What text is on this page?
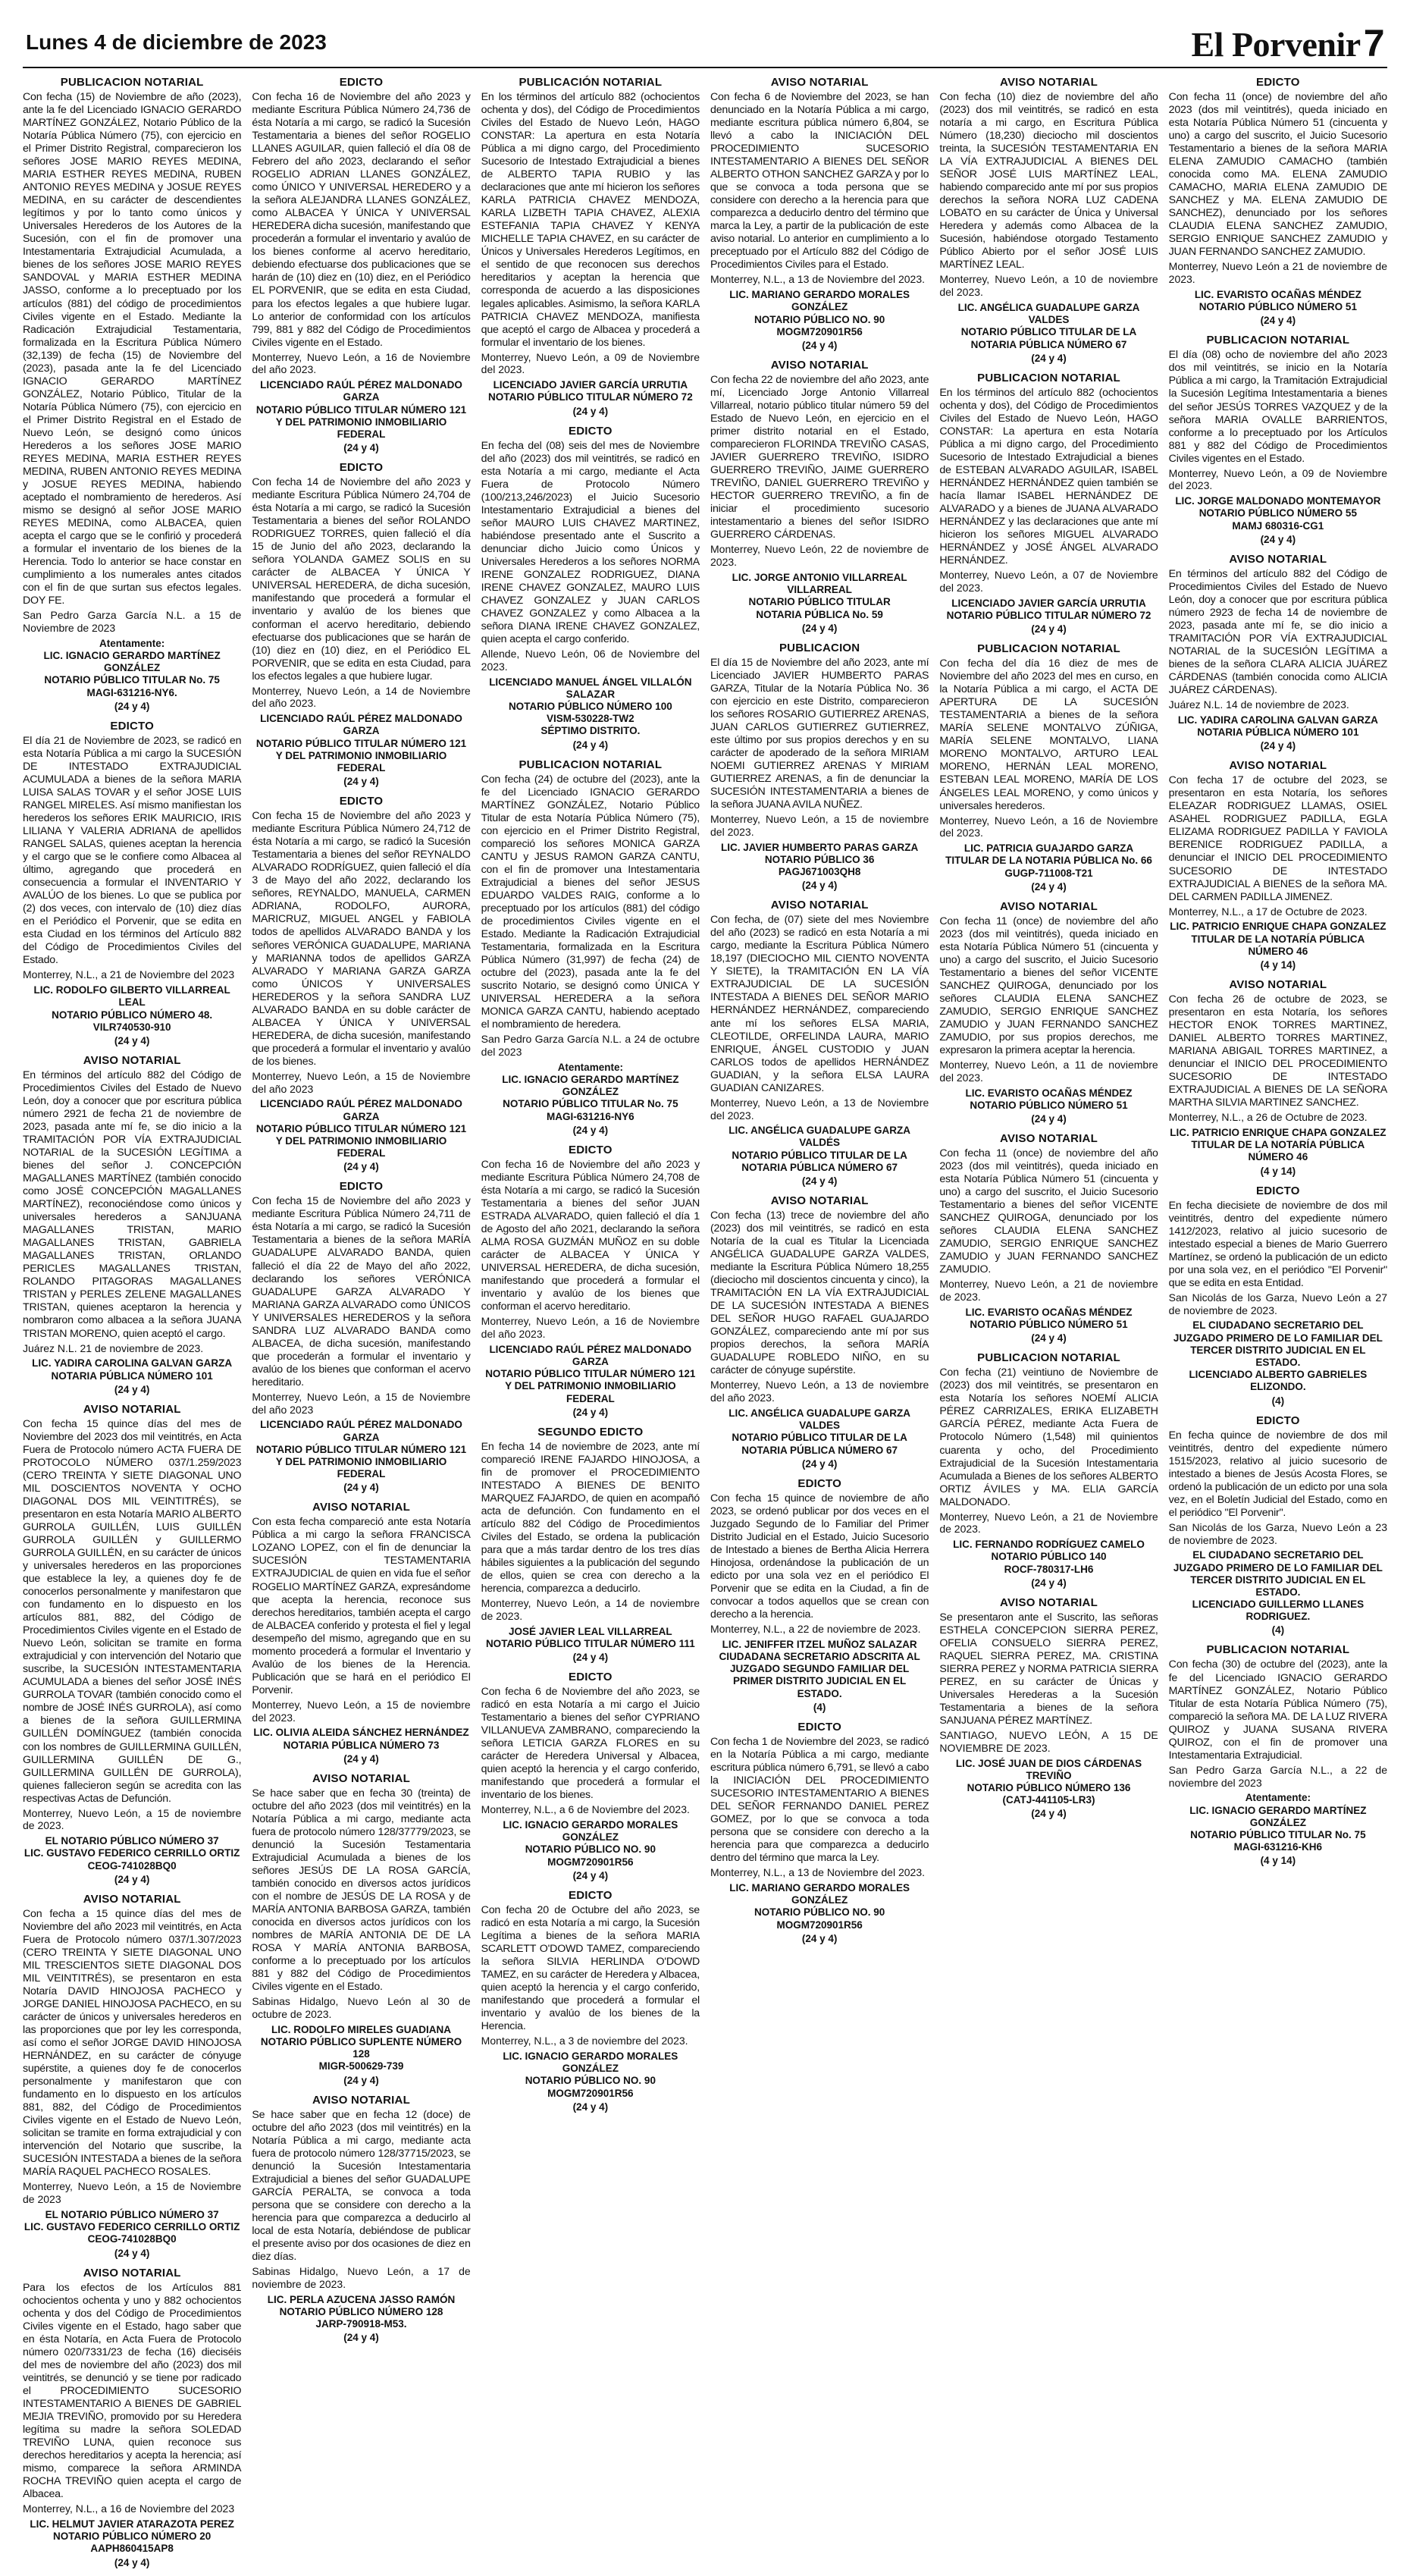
Lunes 4 de diciembre de 2023	El Porvenir7
PUBLICACION NOTARIAL

Con fecha (15) de Noviembre de año (2023), ante la fe del Licenciado IGNACIO GERARDO MARTÍNEZ GONZÁLEZ, Notario Público de la Notaría Pública Número (75), con ejercicio en el Primer Distrito Registral, comparecieron los señores JOSE MARIO REYES MEDINA, MARIA ESTHER REYES MEDINA, RUBEN ANTONIO REYES MEDINA y JOSUE REYES MEDINA, en su carácter de descendientes legítimos y por lo tanto como únicos y Universales Herederos de los Autores de la Sucesión, con el fin de promover una Intestamentaria Extrajudicial Acumulada, a bienes de los señores JOSE MARIO REYES SANDOVAL y MARIA ESTHER MEDINA JASSO, conforme a lo preceptuado por los artículos (881) del código de procedimientos Civiles vigente en el Estado. Mediante la Radicación Extrajudicial Testamentaria, formalizada en la Escritura Pública Número (32,139) de fecha (15) de Noviembre del (2023), pasada ante la fe del Licenciado IGNACIO GERARDO MARTÍNEZ GONZÁLEZ, Notario Público, Titular de la Notaría Pública Número (75), con ejercicio en el Primer Distrito Registral en el Estado de Nuevo León, se designó como únicos Herederos a los señores JOSE MARIO REYES MEDINA, MARIA ESTHER REYES MEDINA, RUBEN ANTONIO REYES MEDINA y JOSUE REYES MEDINA, habiendo aceptado el nombramiento de herederos. Así mismo se designó al señor JOSE MARIO REYES MEDINA, como ALBACEA, quien acepta el cargo que se le confirió y procederá a formular el inventario de los bienes de la Herencia. Todo lo anterior se hace constar en cumplimiento a los numerales antes citados con el fin de que surtan sus efectos legales. DOY FE.

San Pedro Garza García N.L. a 15 de Noviembre de 2023

Atentamente:
LIC. IGNACIO GERARDO MARTÍNEZ GONZÁLEZ
NOTARIO PÚBLICO TITULAR No. 75
MAGI-631216-NY6.
(24 y 4)
EDICTO

El día 21 de Noviembre de 2023, se radicó en esta Notaría Pública a mi cargo la SUCESIÓN DE INTESTADO EXTRAJUDICIAL ACUMULADA a bienes de la señora MARIA LUISA SALAS TOVAR y el señor JOSE LUIS RANGEL MIRELES. Así mismo manifiestan los herederos los señores ERIK MAURICIO, IRIS LILIANA Y VALERIA ADRIANA de apellidos RANGEL SALAS, quienes aceptan la herencia y el cargo que se le confiere como Albacea al último, agregando que procederá en consecuencia a formular el INVENTARIO Y AVALÚO de los bienes. Lo que se publica por (2) dos veces, con intervalo de (10) diez días en el Periódico el Porvenir, que se edita en esta Ciudad en los términos del Artículo 882 del Código de Procedimientos Civiles del Estado.

Monterrey, N.L., a 21 de Noviembre del 2023

LIC. RODOLFO GILBERTO VILLARREAL LEAL
NOTARIO PÚBLICO NÚMERO 48.
VILR740530-910
(24 y 4)
AVISO NOTARIAL

En términos del artículo 882 del Código de Procedimientos Civiles del Estado de Nuevo León, doy a conocer que por escritura pública número 2921 de fecha 21 de noviembre de 2023, pasada ante mí fe, se dio inicio a la TRAMITACIÓN POR VÍA EXTRAJUDICIAL NOTARIAL de la SUCESIÓN LEGÍTIMA a bienes del señor J. CONCEPCIÓN MAGALLANES MARTÍNEZ (también conocido como JOSÉ CONCEPCIÓN MAGALLANES MARTÍNEZ), reconociéndose como únicos y universales herederos a SANJUANA MAGALLANES TRISTAN, MARIO MAGALLANES TRISTAN, GABRIELA MAGALLANES TRISTAN, ORLANDO PERICLES MAGALLANES TRISTAN, ROLANDO PITAGORAS MAGALLANES TRISTAN y PERLES ZELENE MAGALLANES TRISTAN, quienes aceptaron la herencia y nombraron como albacea a la señora JUANA TRISTAN MORENO, quien aceptó el cargo.

Juárez N.L. 21 de noviembre de 2023.

LIC. YADIRA CAROLINA GALVAN GARZA
NOTARIA PÚBLICA NÚMERO 101
(24 y 4)
AVISO NOTARIAL

Con fecha 15 quince días del mes de Noviembre del 2023 dos mil veintitrés, en Acta Fuera de Protocolo número ACTA FUERA DE PROTOCOLO NÚMERO 037/1.259/2023 (CERO TREINTA Y SIETE DIAGONAL UNO MIL DOSCIENTOS NOVENTA Y OCHO DIAGONAL DOS MIL VEINTITRÉS), se presentaron en esta Notaría MARIO ALBERTO GURROLA GUILLÉN, LUIS GUILLÉN GURROLA GUILLÉN y GUILLERMO GURROLA GUILLÉN, en su carácter de únicos y universales herederos en las proporciones que establece la ley, a quienes doy fe de conocerlos personalmente y manifestaron que con fundamento en lo dispuesto en los artículos 881, 882, del Código de Procedimientos Civiles vigente en el Estado de Nuevo León, solicitan se tramite en forma extrajudicial y con intervención del Notario que suscribe, la SUCESIÓN INTESTAMENTARIA ACUMULADA a bienes del señor JOSÉ INÉS GURROLA TOVAR (también conocido como el nombre de JOSÉ INÉS GURROLA), así como a bienes de la señora GUILLERMINA GUILLÉN DOMÍNGUEZ (también conocida con los nombres de GUILLERMINA GUILLÉN, GUILLERMINA GUILLÉN DE G., GUILLERMINA GUILLÉN DE GURROLA), quienes fallecieron según se acredita con las respectivas Actas de Defunción.

Monterrey, Nuevo León, a 15 de noviembre de 2023.

EL NOTARIO PÚBLICO NÚMERO 37
LIC. GUSTAVO FEDERICO CERRILLO ORTIZ
CEOG-741028BQ0
(24 y 4)
AVISO NOTARIAL

Con fecha a 15 quince días del mes de Noviembre del año 2023 mil veintitrés, en Acta Fuera de Protocolo número 037/1.307/2023 (CERO TREINTA Y SIETE DIAGONAL UNO MIL TRESCIENTOS SIETE DIAGONAL DOS MIL VEINTITRÉS), se presentaron en esta Notaría DAVID HINOJOSA PACHECO y JORGE DANIEL HINOJOSA PACHECO, en su carácter de únicos y universales herederos en las proporciones que por ley les corresponda, así como el señor JORGE DAVID HINOJOSA HERNÁNDEZ, en su carácter de cónyuge supérstite, a quienes doy fe de conocerlos personalmente y manifestaron que con fundamento en lo dispuesto en los artículos 881, 882, del Código de Procedimientos Civiles vigente en el Estado de Nuevo León, solicitan se tramite en forma extrajudicial y con intervención del Notario que suscribe, la SUCESIÓN INTESTADA a bienes de la señora MARÍA RAQUEL PACHECO ROSALES.

Monterrey, Nuevo León, a 15 de Noviembre de 2023

EL NOTARIO PÚBLICO NÚMERO 37
LIC. GUSTAVO FEDERICO CERRILLO ORTIZ
CEOG-741028BQ0
(24 y 4)
AVISO NOTARIAL

Para los efectos de los Artículos 881 ochocientos ochenta y uno y 882 ochocientos ochenta y dos del Código de Procedimientos Civiles vigente en el Estado, hago saber que en ésta Notaría, en Acta Fuera de Protocolo número 020/7331/23 de fecha (16) dieciséis del mes de noviembre del año (2023) dos mil veintitrés, se denunció y se tiene por radicado el PROCEDIMIENTO SUCESORIO INTESTAMENTARIO A BIENES DE GABRIEL MEJIA TREVIÑO, promovido por su Heredera legítima su madre la señora SOLEDAD TREVIÑO LUNA, quien reconoce sus derechos hereditarios y acepta la herencia; así mismo, comparece la señora ARMINDA ROCHA TREVIÑO quien acepta el cargo de Albacea.

Monterrey, N.L., a 16 de Noviembre del 2023

LIC. HELMUT JAVIER ATARAZOTA PEREZ
NOTARIO PÚBLICO NÚMERO 20
AAPH860415AP8
(24 y 4)
EDICTO

Con fecha 16 de Noviembre del año 2023 y mediante Escritura Pública Número 24,736 de ésta Notaría a mi cargo, se radicó la Sucesión Testamentaria a bienes del señor ROGELIO LLANES AGUILAR, quien falleció el día 08 de Febrero del año 2023, declarando el señor ROGELIO ADRIAN LLANES GONZÁLEZ, como ÚNICO Y UNIVERSAL HEREDERO y a la señora ALEJANDRA LLANES GONZÁLEZ, como ALBACEA Y ÚNICA Y UNIVERSAL HEREDERA dicha sucesión, manifestando que procederán a formular el inventario y avalúo de los bienes conforme al acervo hereditario, debiendo efectuarse dos publicaciones que se harán de (10) diez en (10) diez, en el Periódico EL PORVENIR, que se edita en esta Ciudad, para los efectos legales a que hubiere lugar. Lo anterior de conformidad con los artículos 799, 881 y 882 del Código de Procedimientos Civiles vigente en el Estado.

Monterrey, Nuevo León, a 16 de Noviembre del año 2023.

LICENCIADO RAÚL PÉREZ MALDONADO GARZA
NOTARIO PÚBLICO TITULAR NÚMERO 121 Y DEL PATRIMONIO INMOBILIARIO FEDERAL
(24 y 4)
EDICTO

Con fecha 14 de Noviembre del año 2023 y mediante Escritura Pública Número 24,704 de ésta Notaría a mi cargo, se radicó la Sucesión Testamentaria a bienes del señor ROLANDO RODRIGUEZ TORRES, quien falleció el día 15 de Junio del año 2023, declarando la señora YOLANDA GAMEZ SOLIS en su carácter de ALBACEA Y ÚNICA Y UNIVERSAL HEREDERA, de dicha sucesión, manifestando que procederá a formular el inventario y avalúo de los bienes que conforman el acervo hereditario, debiendo efectuarse dos publicaciones que se harán de (10) diez en (10) diez, en el Periódico EL PORVENIR, que se edita en esta Ciudad, para los efectos legales a que hubiere lugar.

Monterrey, Nuevo León, a 14 de Noviembre del año 2023.

LICENCIADO RAÚL PÉREZ MALDONADO GARZA
NOTARIO PÚBLICO TITULAR NÚMERO 121 Y DEL PATRIMONIO INMOBILIARIO FEDERAL
(24 y 4)
EDICTO

Con fecha 15 de Noviembre del año 2023 y mediante Escritura Pública Número 24,712 de ésta Notaría a mi cargo, se radicó la Sucesión Testamentaria a bienes del señor REYNALDO ALVARADO RODRÍGUEZ, quien falleció el día 3 de Mayo del año 2022, declarando los señores, REYNALDO, MANUELA, CARMEN ADRIANA, RODOLFO, AURORA, MARICRUZ, MIGUEL ANGEL y FABIOLA todos de apellidos ALVARADO BANDA y los señores VERÓNICA GUADALUPE, MARIANA y MARIANNA todos de apellidos GARZA ALVARADO Y MARIANA GARZA GARZA como ÚNICOS Y UNIVERSALES HEREDEROS y la señora SANDRA LUZ ALVARADO BANDA en su doble carácter de ALBACEA Y ÚNICA Y UNIVERSAL HEREDERA, de dicha sucesión, manifestando que procederá a formular el inventario y avalúo de los bienes.

Monterrey, Nuevo León, a 15 de Noviembre del año 2023

LICENCIADO RAÚL PÉREZ MALDONADO GARZA
NOTARIO PÚBLICO TITULAR NÚMERO 121 Y DEL PATRIMONIO INMOBILIARIO FEDERAL
(24 y 4)
EDICTO

Con fecha 15 de Noviembre del año 2023 y mediante Escritura Pública Número 24,711 de ésta Notaría a mi cargo, se radicó la Sucesión Testamentaria a bienes de la señora MARÍA GUADALUPE ALVARADO BANDA, quien falleció el día 22 de Mayo del año 2022, declarando los señores VERÓNICA GUADALUPE GARZA ALVARADO Y MARIANA GARZA ALVARADO como ÚNICOS Y UNIVERSALES HEREDEROS y la señora SANDRA LUZ ALVARADO BANDA como ALBACEA, de dicha sucesión, manifestando que procederán a formular el inventario y avalúo de los bienes que conforman el acervo hereditario.

Monterrey, Nuevo León, a 15 de Noviembre del año 2023

LICENCIADO RAÚL PÉREZ MALDONADO GARZA
NOTARIO PÚBLICO TITULAR NÚMERO 121 Y DEL PATRIMONIO INMOBILIARIO FEDERAL
(24 y 4)
AVISO NOTARIAL

Con esta fecha compareció ante esta Notaría Pública a mi cargo la señora FRANCISCA LOZANO LOPEZ, con el fin de denunciar la SUCESIÓN TESTAMENTARIA EXTRAJUDICIAL de quien en vida fue el señor ROGELIO MARTÍNEZ GARZA, expresándome que acepta la herencia, reconoce sus derechos hereditarios, también acepta el cargo de ALBACEA conferido y protesta el fiel y legal desempeño del mismo, agregando que en su momento procederá a formular el Inventario y Avalúo de los bienes de la Herencia. Publicación que se hará en el periódico El Porvenir.

Monterrey, Nuevo León, a 15 de noviembre del 2023.

LIC. OLIVIA ALEIDA SÁNCHEZ HERNÁNDEZ
NOTARIA PÚBLICA NÚMERO 73
(24 y 4)
AVISO NOTARIAL

Se hace saber que en fecha 30 (treinta) de octubre del año 2023 (dos mil veintitrés) en la Notaría Pública a mi cargo, mediante acta fuera de protocolo número 128/37779/2023, se denunció la Sucesión Testamentaria Extrajudicial Acumulada a bienes de los señores JESÚS DE LA ROSA GARCÍA, también conocido en diversos actos jurídicos con el nombre de JESÚS DE LA ROSA y de MARÍA ANTONIA BARBOSA GARZA, también conocida en diversos actos jurídicos con los nombres de MARÍA ANTONIA DE DE LA ROSA Y MARÍA ANTONIA BARBOSA, conforme a lo preceptuado por los artículos 881 y 882 del Código de Procedimientos Civiles vigente en el Estado.

Sabinas Hidalgo, Nuevo León al 30 de octubre de 2023.

LIC. RODOLFO MIRELES GUADIANA
NOTARIO PÚBLICO SUPLENTE NÚMERO 128
MIGR-500629-739
(24 y 4)
AVISO NOTARIAL

Se hace saber que en fecha 12 (doce) de octubre del año 2023 (dos mil veintitrés) en la Notaría Pública a mi cargo, mediante acta fuera de protocolo número 128/37715/2023, se denunció la Sucesión Intestamentaria Extrajudicial a bienes del señor GUADALUPE GARCÍA PERALTA, se convoca a toda persona que se considere con derecho a la herencia para que comparezca a deducirlo al local de esta Notaría, debiéndose de publicar el presente aviso por dos ocasiones de diez en diez días.

Sabinas Hidalgo, Nuevo León, a 17 de noviembre de 2023.

LIC. PERLA AZUCENA JASSO RAMÓN
NOTARIO PÚBLICO NÚMERO 128
JARP-790918-M53.
(24 y 4)
PUBLICACIÓN NOTARIAL

En los términos del artículo 882 (ochocientos ochenta y dos), del Código de Procedimientos Civiles del Estado de Nuevo León, HAGO CONSTAR: La apertura en esta Notaría Pública a mi digno cargo, del Procedimiento Sucesorio de Intestado Extrajudicial a bienes de ALBERTO TAPIA RUBIO y las declaraciones que ante mí hicieron los señores KARLA PATRICIA CHAVEZ MENDOZA, KARLA LIZBETH TAPIA CHAVEZ, ALEXIA ESTEFANIA TAPIA CHAVEZ Y KENYA MICHELLE TAPIA CHAVEZ, en su carácter de Únicos y Universales Herederos Legítimos, en el sentido de que reconocen sus derechos hereditarios y aceptan la herencia que corresponda de acuerdo a las disposiciones legales aplicables. Asimismo, la señora KARLA PATRICIA CHAVEZ MENDOZA, manifiesta que aceptó el cargo de Albacea y procederá a formular el inventario de los bienes.

Monterrey, Nuevo León, a 09 de Noviembre del 2023.

LICENCIADO JAVIER GARCÍA URRUTIA
NOTARIO PÚBLICO TITULAR NÚMERO 72
(24 y 4)
EDICTO

En fecha del (08) seis del mes de Noviembre del año (2023) dos mil veintitrés, se radicó en esta Notaría a mi cargo, mediante el Acta Fuera de Protocolo Número (100/213,246/2023) el Juicio Sucesorio Intestamentario Extrajudicial a bienes del señor MAURO LUIS CHAVEZ MARTINEZ, habiéndose presentado ante el Suscrito a denunciar dicho Juicio como Únicos y Universales Herederos a los señores NORMA IRENE GONZALEZ RODRIGUEZ, DIANA IRENE CHAVEZ GONZALEZ, MAURO LUIS CHAVEZ GONZALEZ y JUAN CARLOS CHAVEZ GONZALEZ y como Albacea a la señora DIANA IRENE CHAVEZ GONZALEZ, quien acepta el cargo conferido.

Allende, Nuevo León, 06 de Noviembre del 2023.

LICENCIADO MANUEL ÁNGEL VILLALÓN SALAZAR
NOTARIO PÚBLICO NÚMERO 100
VISM-530228-TW2
SÉPTIMO DISTRITO.
(24 y 4)
PUBLICACION NOTARIAL

Con fecha (24) de octubre del (2023), ante la fe del Licenciado IGNACIO GERARDO MARTÍNEZ GONZÁLEZ, Notario Público Titular de esta Notaría Pública Número (75), con ejercicio en el Primer Distrito Registral, compareció los señores MONICA GARZA CANTU y JESUS RAMON GARZA CANTU, con el fin de promover una Intestamentaria Extrajudicial a bienes del señor JESUS EDUARDO VALDES RAIG, conforme a lo preceptuado por los artículos (881) del código de procedimientos Civiles vigente en el Estado. Mediante la Radicación Extrajudicial Testamentaria, formalizada en la Escritura Pública Número (31,997) de fecha (24) de octubre del (2023), pasada ante la fe del suscrito Notario, se designó como ÚNICA Y UNIVERSAL HEREDERA a la señora MONICA GARZA CANTU, habiendo aceptado el nombramiento de heredera.

San Pedro Garza García N.L. a 24 de octubre del 2023

Atentamente:
LIC. IGNACIO GERARDO MARTÍNEZ GONZÁLEZ
NOTARIO PÚBLICO TITULAR No. 75
MAGI-631216-NY6
(24 y 4)
EDICTO

Con fecha 16 de Noviembre del año 2023 y mediante Escritura Pública Número 24,708 de ésta Notaría a mi cargo, se radicó la Sucesión Testamentaria a bienes del señor JUAN ESTRADA ALVARADO, quien falleció el día 1 de Agosto del año 2021, declarando la señora ALMA ROSA GUZMÁN MUÑOZ en su doble carácter de ALBACEA Y ÚNICA Y UNIVERSAL HEREDERA, de dicha sucesión, manifestando que procederá a formular el inventario y avalúo de los bienes que conforman el acervo hereditario.

Monterrey, Nuevo León, a 16 de Noviembre del año 2023.

LICENCIADO RAÚL PÉREZ MALDONADO GARZA
NOTARIO PÚBLICO TITULAR NÚMERO 121 Y DEL PATRIMONIO INMOBILIARIO FEDERAL
(24 y 4)
SEGUNDO EDICTO

En fecha 14 de noviembre de 2023, ante mí compareció IRENE FAJARDO HINOJOSA, a fin de promover el PROCEDIMIENTO INTESTADO A BIENES DE BENITO MARQUEZ FAJARDO, de quien en acompañó acta de defunción. Con fundamento en el artículo 882 del Código de Procedimientos Civiles del Estado, se ordena la publicación para que a más tardar dentro de los tres días hábiles siguientes a la publicación del segundo de ellos, quien se crea con derecho a la herencia, comparezca a deducirlo.

Monterrey, Nuevo León, a 14 de noviembre de 2023.

JOSÉ JAVIER LEAL VILLARREAL
NOTARIO PÚBLICO TITULAR NÚMERO 111
(24 y 4)
EDICTO

Con fecha 6 de Noviembre del año 2023, se radicó en esta Notaría a mi cargo el Juicio Testamentario a bienes del señor CYPRIANO VILLANUEVA ZAMBRANO, compareciendo la señora LETICIA GARZA FLORES en su carácter de Heredera Universal y Albacea, quien aceptó la herencia y el cargo conferido, manifestando que procederá a formular el inventario de los bienes.

Monterrey, N.L., a 6 de Noviembre del 2023.

LIC. IGNACIO GERARDO MORALES GONZÁLEZ
NOTARIO PÚBLICO NO. 90
MOGM720901R56
(24 y 4)
EDICTO

Con fecha 20 de Octubre del año 2023, se radicó en esta Notaría a mi cargo, la Sucesión Legítima a bienes de la señora MARIA SCARLETT O'DOWD TAMEZ, compareciendo la señora SILVIA HERLINDA O'DOWD TAMEZ, en su carácter de Heredera y Albacea, quien aceptó la herencia y el cargo conferido, manifestando que procederá a formular el inventario y avalúo de los bienes de la Herencia.

Monterrey, N.L., a 3 de noviembre del 2023.

LIC. IGNACIO GERARDO MORALES GONZÁLEZ
NOTARIO PÚBLICO NO. 90
MOGM720901R56
(24 y 4)
AVISO NOTARIAL

Con fecha 6 de Noviembre del 2023, se han denunciado en la Notaría Pública a mi cargo, mediante escritura pública número 6,804, se llevó a cabo la INICIACIÓN DEL PROCEDIMIENTO SUCESORIO INTESTAMENTARIO A BIENES DEL SEÑOR ALBERTO OTHON SANCHEZ GARZA y por lo que se convoca a toda persona que se considere con derecho a la herencia para que comparezca a deducirlo dentro del término que marca la Ley, a partir de la publicación de este aviso notarial. Lo anterior en cumplimiento a lo preceptuado por el Artículo 882 del Código de Procedimientos Civiles para el Estado.

Monterrey, N.L., a 13 de Noviembre del 2023.

LIC. MARIANO GERARDO MORALES GONZÁLEZ
NOTARIO PÚBLICO NO. 90
MOGM720901R56
(24 y 4)
AVISO NOTARIAL

Con fecha 22 de noviembre del año 2023, ante mí, Licenciado Jorge Antonio Villarreal Villarreal, notario público titular número 59 del Estado de Nuevo León, en ejercicio en el primer distrito notarial en el Estado, comparecieron FLORINDA TREVIÑO CASAS, JAVIER GUERRERO TREVIÑO, ISIDRO GUERRERO TREVIÑO, JAIME GUERRERO TREVIÑO, DANIEL GUERRERO TREVIÑO y HECTOR GUERRERO TREVIÑO, a fin de iniciar el procedimiento sucesorio intestamentario a bienes del señor ISIDRO GUERRERO CÁRDENAS.

Monterrey, Nuevo León, 22 de noviembre de 2023.

LIC. JORGE ANTONIO VILLARREAL VILLARREAL
NOTARIO PÚBLICO TITULAR
NOTARIA PÚBLICA No. 59
(24 y 4)
PUBLICACION

El día 15 de Noviembre del año 2023, ante mí Licenciado JAVIER HUMBERTO PARAS GARZA, Titular de la Notaría Pública No. 36 con ejercicio en este Distrito, comparecieron los señores ROSARIO GUTIERREZ ARENAS, JUAN CARLOS GUTIERREZ GUTIERREZ, este último por sus propios derechos y en su carácter de apoderado de la señora MIRIAM NOEMI GUTIERREZ ARENAS Y MIRIAM GUTIERREZ ARENAS, a fin de denunciar la SUCESIÓN INTESTAMENTARIA a bienes de la señora JUANA AVILA NUÑEZ.

Monterrey, Nuevo León, a 15 de noviembre del 2023.

LIC. JAVIER HUMBERTO PARAS GARZA
NOTARIO PÚBLICO 36
PAGJ671003QH8
(24 y 4)
AVISO NOTARIAL

Con fecha, de (07) siete del mes Noviembre del año (2023) se radicó en esta Notaría a mi cargo, mediante la Escritura Pública Número 18,197 (DIECIOCHO MIL CIENTO NOVENTA Y SIETE), la TRAMITACIÓN EN LA VÍA EXTRAJUDICIAL DE LA SUCESIÓN INTESTADA A BIENES DEL SEÑOR MARIO HERNÁNDEZ HERNÁNDEZ, compareciendo ante mí los señores ELSA MARIA, CLEOTILDE, ORFELINDA LAURA, MARIO ENRIQUE, ÁNGEL CUSTODIO y JUAN CARLOS todos de apellidos HERNÁNDEZ GUADIAN, y la señora ELSA LAURA GUADIAN CANIZARES.

Monterrey, Nuevo León, a 13 de Noviembre del 2023.

LIC. ANGÉLICA GUADALUPE GARZA VALDÉS
NOTARIO PÚBLICO TITULAR DE LA NOTARIA PÚBLICA NÚMERO 67
(24 y 4)
AVISO NOTARIAL

Con fecha (13) trece de noviembre del año (2023) dos mil veintitrés, se radicó en esta Notaría de la cual es Titular la Licenciada ANGÉLICA GUADALUPE GARZA VALDES, mediante la Escritura Pública Número 18,255 (dieciocho mil doscientos cincuenta y cinco), la TRAMITACIÓN EN LA VÍA EXTRAJUDICIAL DE LA SUCESIÓN INTESTADA A BIENES DEL SEÑOR HUGO RAFAEL GUAJARDO GONZÁLEZ, compareciendo ante mí por sus propios derechos, la señora MARÍA GUADALUPE ROBLEDO NIÑO, en su carácter de cónyuge supérstite.

Monterrey, Nuevo León, a 13 de noviembre del año 2023.

LIC. ANGÉLICA GUADALUPE GARZA VALDES
NOTARIO PÚBLICO TITULAR DE LA NOTARIA PÚBLICA NÚMERO 67
(24 y 4)
EDICTO

Con fecha 15 quince de noviembre de año 2023, se ordenó publicar por dos veces en el Juzgado Segundo de lo Familiar del Primer Distrito Judicial en el Estado, Juicio Sucesorio de Intestado a bienes de Bertha Alicia Herrera Hinojosa, ordenándose la publicación de un edicto por una sola vez en el periódico El Porvenir que se edita en la Ciudad, a fin de convocar a todos aquellos que se crean con derecho a la herencia.

Monterrey, N.L., a 22 de noviembre de 2023.

LIC. JENIFFER ITZEL MUÑOZ SALAZAR
CIUDADANA SECRETARIO ADSCRITA AL JUZGADO SEGUNDO FAMILIAR DEL PRIMER DISTRITO JUDICIAL EN EL ESTADO.
(4)
EDICTO

Con fecha 1 de Noviembre del 2023, se radicó en la Notaría Pública a mi cargo, mediante escritura pública número 6,791, se llevó a cabo la INICIACIÓN DEL PROCEDIMIENTO SUCESORIO INTESTAMENTARIO A BIENES DEL SEÑOR FERNANDO DANIEL PEREZ GOMEZ, por lo que se convoca a toda persona que se considere con derecho a la herencia para que comparezca a deducirlo dentro del término que marca la Ley.

Monterrey, N.L., a 13 de Noviembre del 2023.

LIC. MARIANO GERARDO MORALES GONZÁLEZ
NOTARIO PÚBLICO NO. 90
MOGM720901R56
(24 y 4)
AVISO NOTARIAL

Con fecha (10) diez de noviembre del año (2023) dos mil veintitrés, se radicó en esta notaría a mi cargo, en Escritura Pública Número (18,230) dieciocho mil doscientos treinta, la SUCESIÓN TESTAMENTARIA EN LA VÍA EXTRAJUDICIAL A BIENES DEL SEÑOR JOSÉ LUIS MARTÍNEZ LEAL, habiendo comparecido ante mí por sus propios derechos la señora NORA LUZ CADENA LOBATO en su carácter de Única y Universal Heredera y además como Albacea de la Sucesión, habiéndose otorgado Testamento Público Abierto por el señor JOSÉ LUIS MARTÍNEZ LEAL.

Monterrey, Nuevo León, a 10 de noviembre del 2023.

LIC. ANGÉLICA GUADALUPE GARZA VALDES
NOTARIO PÚBLICO TITULAR DE LA NOTARIA PÚBLICA NÚMERO 67
(24 y 4)
PUBLICACION NOTARIAL

En los términos del artículo 882 (ochocientos ochenta y dos), del Código de Procedimientos Civiles del Estado de Nuevo León, HAGO CONSTAR: La apertura en esta Notaría Pública a mi digno cargo, del Procedimiento Sucesorio de Intestado Extrajudicial a bienes de ESTEBAN ALVARADO AGUILAR, ISABEL HERNÁNDEZ HERNÁNDEZ quien también se hacía llamar ISABEL HERNÁNDEZ DE ALVARADO y a bienes de JUANA ALVARADO HERNÁNDEZ y las declaraciones que ante mí hicieron los señores MIGUEL ALVARADO HERNÁNDEZ y JOSÉ ÁNGEL ALVARADO HERNÁNDEZ.

Monterrey, Nuevo León, a 07 de Noviembre del 2023.

LICENCIADO JAVIER GARCÍA URRUTIA
NOTARIO PÚBLICO TITULAR NÚMERO 72
(24 y 4)
PUBLICACION NOTARIAL

Con fecha del día 16 diez de mes de Noviembre del año 2023 del mes en curso, en la Notaría Pública a mi cargo, el ACTA DE APERTURA DE LA SUCESIÓN TESTAMENTARIA a bienes de la señora MARÍA SELENE MONTALVO ZÚÑIGA, MARÍA SELENE MONTALVO, LIANA MORENO MONTALVO, ARTURO LEAL MORENO, HERNÁN LEAL MORENO, ESTEBAN LEAL MORENO, MARÍA DE LOS ÁNGELES LEAL MORENO, y como únicos y universales herederos.

Monterrey, Nuevo León, a 16 de Noviembre del 2023.

LIC. PATRICIA GUAJARDO GARZA
TITULAR DE LA NOTARIA PÚBLICA No. 66
GUGP-711008-T21
(24 y 4)
AVISO NOTARIAL

Con fecha 11 (once) de noviembre del año 2023 (dos mil veintitrés), queda iniciado en esta Notaría Pública Número 51 (cincuenta y uno) a cargo del suscrito, el Juicio Sucesorio Testamentario a bienes del señor VICENTE SANCHEZ QUIROGA, denunciado por los señores CLAUDIA ELENA SANCHEZ ZAMUDIO, SERGIO ENRIQUE SANCHEZ ZAMUDIO y JUAN FERNANDO SANCHEZ ZAMUDIO, por sus propios derechos, me expresaron la primera aceptar la herencia.

Monterrey, Nuevo León, a 11 de noviembre del 2023.

LIC. EVARISTO OCAÑAS MÉNDEZ
NOTARIO PÚBLICO NÚMERO 51
(24 y 4)
AVISO NOTARIAL

Con fecha 11 (once) de noviembre del año 2023 (dos mil veintitrés), queda iniciado en esta Notaría Pública Número 51 (cincuenta y uno) a cargo del suscrito, el Juicio Sucesorio Testamentario a bienes del señor VICENTE SANCHEZ QUIROGA, denunciado por los señores CLAUDIA ELENA SANCHEZ ZAMUDIO, SERGIO ENRIQUE SANCHEZ ZAMUDIO y JUAN FERNANDO SANCHEZ ZAMUDIO.

Monterrey, Nuevo León, a 21 de noviembre de 2023.

LIC. EVARISTO OCAÑAS MÉNDEZ
NOTARIO PÚBLICO NÚMERO 51
(24 y 4)
PUBLICACION NOTARIAL

Con fecha (21) veintiuno de Noviembre de (2023) dos mil veintitrés, se presentaron en esta Notaría los señores NOEMÍ ALICIA PÉREZ CARRIZALES, ERIKA ELIZABETH GARCÍA PÉREZ, mediante Acta Fuera de Protocolo Número (1,548) mil quinientos cuarenta y ocho, del Procedimiento Extrajudicial de la Sucesión Intestamentaria Acumulada a Bienes de los señores ALBERTO ORTIZ ÁVILES y MA. ELIA GARCÍA MALDONADO.

Monterrey, Nuevo León, a 21 de Noviembre de 2023.

LIC. FERNANDO RODRÍGUEZ CAMELO
NOTARIO PÚBLICO 140
ROCF-780317-LH6
(24 y 4)
AVISO NOTARIAL

Se presentaron ante el Suscrito, las señoras ESTHELA CONCEPCION SIERRA PEREZ, OFELIA CONSUELO SIERRA PEREZ, RAQUEL SIERRA PEREZ, MA. CRISTINA SIERRA PEREZ y NORMA PATRICIA SIERRA PEREZ, en su carácter de Únicas y Universales Herederas a la Sucesión Testamentaria a bienes de la señora SANJUANA PÉREZ MARTÍNEZ.

SANTIAGO, NUEVO LEÓN, A 15 DE NOVIEMBRE DE 2023.

LIC. JOSÉ JUAN DE DIOS CÁRDENAS TREVIÑO
NOTARIO PÚBLICO NÚMERO 136
(CATJ-441105-LR3)
(24 y 4)
EDICTO

Con fecha 11 (once) de noviembre del año 2023 (dos mil veintitrés), queda iniciado en esta Notaría Pública Número 51 (cincuenta y uno) a cargo del suscrito, el Juicio Sucesorio Testamentario a bienes de la señora MARIA ELENA ZAMUDIO CAMACHO (también conocida como MA. ELENA ZAMUDIO CAMACHO, MARIA ELENA ZAMUDIO DE SANCHEZ y MA. ELENA ZAMUDIO DE SANCHEZ), denunciado por los señores CLAUDIA ELENA SANCHEZ ZAMUDIO, SERGIO ENRIQUE SANCHEZ ZAMUDIO y JUAN FERNANDO SANCHEZ ZAMUDIO.

Monterrey, Nuevo León a 21 de noviembre de 2023.

LIC. EVARISTO OCAÑAS MÉNDEZ
NOTARIO PÚBLICO NÚMERO 51
(24 y 4)
PUBLICACION NOTARIAL

El día (08) ocho de noviembre del año 2023 dos mil veintitrés, se inicio en la Notaría Pública a mi cargo, la Tramitación Extrajudicial la Sucesión Legítima Intestamentaria a bienes del señor JESÚS TORRES VAZQUEZ y de la señora MARIA OVALLE BARRIENTOS, conforme a lo preceptuado por los Artículos 881 y 882 del Código de Procedimientos Civiles vigentes en el Estado.

Monterrey, Nuevo León, a 09 de Noviembre del 2023.

LIC. JORGE MALDONADO MONTEMAYOR
NOTARIO PÚBLICO NÚMERO 55
MAMJ 680316-CG1
(24 y 4)
AVISO NOTARIAL

En términos del artículo 882 del Código de Procedimientos Civiles del Estado de Nuevo León, doy a conocer que por escritura pública número 2923 de fecha 14 de noviembre de 2023, pasada ante mí fe, se dio inicio a TRAMITACIÓN POR VÍA EXTRAJUDICIAL NOTARIAL de la SUCESIÓN LEGÍTIMA a bienes de la señora CLARA ALICIA JUÁREZ CÁRDENAS (también conocida como ALICIA JUÁREZ CÁRDENAS).

Juárez N.L. 14 de noviembre de 2023.

LIC. YADIRA CAROLINA GALVAN GARZA
NOTARIA PÚBLICA NÚMERO 101
(24 y 4)
AVISO NOTARIAL

Con fecha 17 de octubre del 2023, se presentaron en esta Notaría, los señores ELEAZAR RODRIGUEZ LLAMAS, OSIEL ASAHEL RODRIGUEZ PADILLA, EGLA ELIZAMA RODRIGUEZ PADILLA Y FAVIOLA BERENICE RODRIGUEZ PADILLA, a denunciar el INICIO DEL PROCEDIMIENTO SUCESORIO DE INTESTADO EXTRAJUDICIAL A BIENES de la señora MA. DEL CARMEN PADILLA JIMENEZ.

Monterrey, N.L., a 17 de Octubre de 2023.

LIC. PATRICIO ENRIQUE CHAPA GONZALEZ
TITULAR DE LA NOTARÍA PÚBLICA NÚMERO 46
(4 y 14)
AVISO NOTARIAL

Con fecha 26 de octubre de 2023, se presentaron en esta Notaría, los señores HECTOR ENOK TORRES MARTINEZ, DANIEL ALBERTO TORRES MARTINEZ, MARIANA ABIGAIL TORRES MARTINEZ, a denunciar el INICIO DEL PROCEDIMIENTO SUCESORIO DE INTESTADO EXTRAJUDICIAL A BIENES DE LA SEÑORA MARTHA SILVIA MARTINEZ SANCHEZ.

Monterrey, N.L., a 26 de Octubre de 2023.

LIC. PATRICIO ENRIQUE CHAPA GONZALEZ
TITULAR DE LA NOTARÍA PÚBLICA NÚMERO 46
(4 y 14)
EDICTO

En fecha diecisiete de noviembre de dos mil veintitrés, dentro del expediente número 1412/2023, relativo al juicio sucesorio de intestado especial a bienes de Mario Guerrero Martínez, se ordenó la publicación de un edicto por una sola vez, en el periódico "El Porvenir" que se edita en esta Entidad.

San Nicolás de los Garza, Nuevo León a 27 de noviembre de 2023.

EL CIUDADANO SECRETARIO DEL JUZGADO PRIMERO DE LO FAMILIAR DEL TERCER DISTRITO JUDICIAL EN EL ESTADO.
LICENCIADO ALBERTO GABRIELES ELIZONDO.
(4)
EDICTO

En fecha quince de noviembre de dos mil veintitrés, dentro del expediente número 1515/2023, relativo al juicio sucesorio de intestado a bienes de Jesús Acosta Flores, se ordenó la publicación de un edicto por una sola vez, en el Boletín Judicial del Estado, como en el periódico "El Porvenir".

San Nicolás de los Garza, Nuevo León a 23 de noviembre de 2023.

EL CIUDADANO SECRETARIO DEL JUZGADO PRIMERO DE LO FAMILIAR DEL TERCER DISTRITO JUDICIAL EN EL ESTADO.
LICENCIADO GUILLERMO LLANES RODRIGUEZ.
(4)
PUBLICACION NOTARIAL

Con fecha (30) de octubre del (2023), ante la fe del Licenciado IGNACIO GERARDO MARTÍNEZ GONZÁLEZ, Notario Público Titular de esta Notaría Pública Número (75), compareció la señora MA. DE LA LUZ RIVERA QUIROZ y JUANA SUSANA RIVERA QUIROZ, con el fin de promover una Intestamentaria Extrajudicial.

San Pedro Garza García N.L., a 22 de noviembre del 2023

Atentamente:
LIC. IGNACIO GERARDO MARTÍNEZ GONZÁLEZ
NOTARIO PÚBLICO TITULAR No. 75
MAGI-631216-KH6
(4 y 14)
